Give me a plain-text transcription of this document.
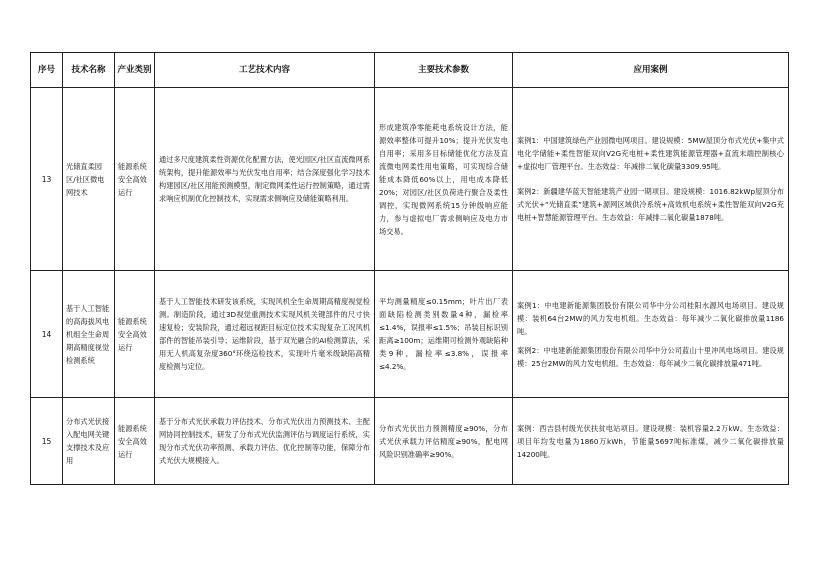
序号	技术名称	产业类别	工艺技术内容	主要技术参数	应用案例
13	光储直柔园区/社区微电网技术	能源系统安全高效运行	通过多尺度建筑柔性资源优化配置方法，使光园区/社区直流微网系统架构，提升能源效率与光伏发电自用率；结合深度强化学习技术构建园区/社区用能预测模型，制定微网柔性运行控制策略，通过需求响应机制优化控制技术，实现需求侧响应及储能策略利用。	形成建筑净零能耗电系统设计方法，能源效率整体可提升10%；提升光伏发电自用率；采用多目标储能优化方法及直流微电网柔性用电策略，可实现综合储能成本降低60%以上，用电成本降低20%；对园区/社区负荷进行聚合及柔性调控，实现微网系统15分钟级响应能力，参与虚拟电厂需求侧响应及电力市场交易。	案例1：中国建筑绿色产业园微电网项目。建设规模：5MW屋顶分布式光伏+集中式电化学储能+柔性智能双向V2G充电桩+柔性建筑能源管理器+直流末端控制核心+虚拟电厂管理平台。生态效益：年减排二氧化碳量3309.95吨。
案例2：新疆建华蓝天智能建筑产业园一期项目。建设规模：1016.82kWp屋顶分布式光伏+“光储直柔”建筑+源网区域供冷系统+高效机电系统+柔性智能双向V2G充电桩+智慧能源管理平台。生态效益：年减排二氧化碳量1878吨。

14	基于人工智能的高海拔风电机组全生命周期高精度视觉检测系统	能源系统安全高效运行	基于人工智能技术研发该系统，实现风机全生命周期高精度视觉检测。制造阶段，通过3D视觉重测技术实现风机关键部件的尺寸快速复检；安装阶段，通过超远视距目标定位技术实现复杂工况风机部件的智能吊装引导；运维阶段，基于双光融合的AI检测算法，采用无人机高复杂度360°环绕巡检技术，实现叶片毫米级缺陷高精度检测与定位。	平均测量精度≤0.15mm；叶片出厂表面缺陷检测类别数量4种，漏检率≤1.4%，误报率≤1.5%；吊装目标识别距离≥100m；运维期可检测外观缺陷种类9种，漏检率≤3.8%，误报率≤4.2%。	案例1：中电建新能源集团股份有限公司华中分公司桂阳水源风电场项目。建设规模：装机64台2MW的风力发电机组。生态效益：每年减少二氧化碳排放量1186吨。
案例2：中电建新能源集团股份有限公司华中分公司蓝山十里冲风电场项目。建设规模：25台2MW的风力发电机组。生态效益：每年减少二氧化碳排放量471吨。

15	分布式光伏接入配电网关键支撑技术及应用	能源系统安全高效运行	基于分布式光伏承载力评估技术、分布式光伏出力预测技术、主配网协同控制技术，研发了分布式光伏监测评估与调度运行系统，实现分布式光伏功率预测、承载力评估、优化控制等功能，保障分布式光伏大规模接入。	分布式光伏出力预测精度≥90%，分布式光伏承载力评估精度≥90%，配电网风险识别准确率≥90%。	案例：西吉县村级光伏扶贫电站项目。建设规模：装机容量2.2万kW。生态效益：项目年均发电量为1860万kWh，节能量5697吨标准煤，减少二氧化碳排放量14200吨。
